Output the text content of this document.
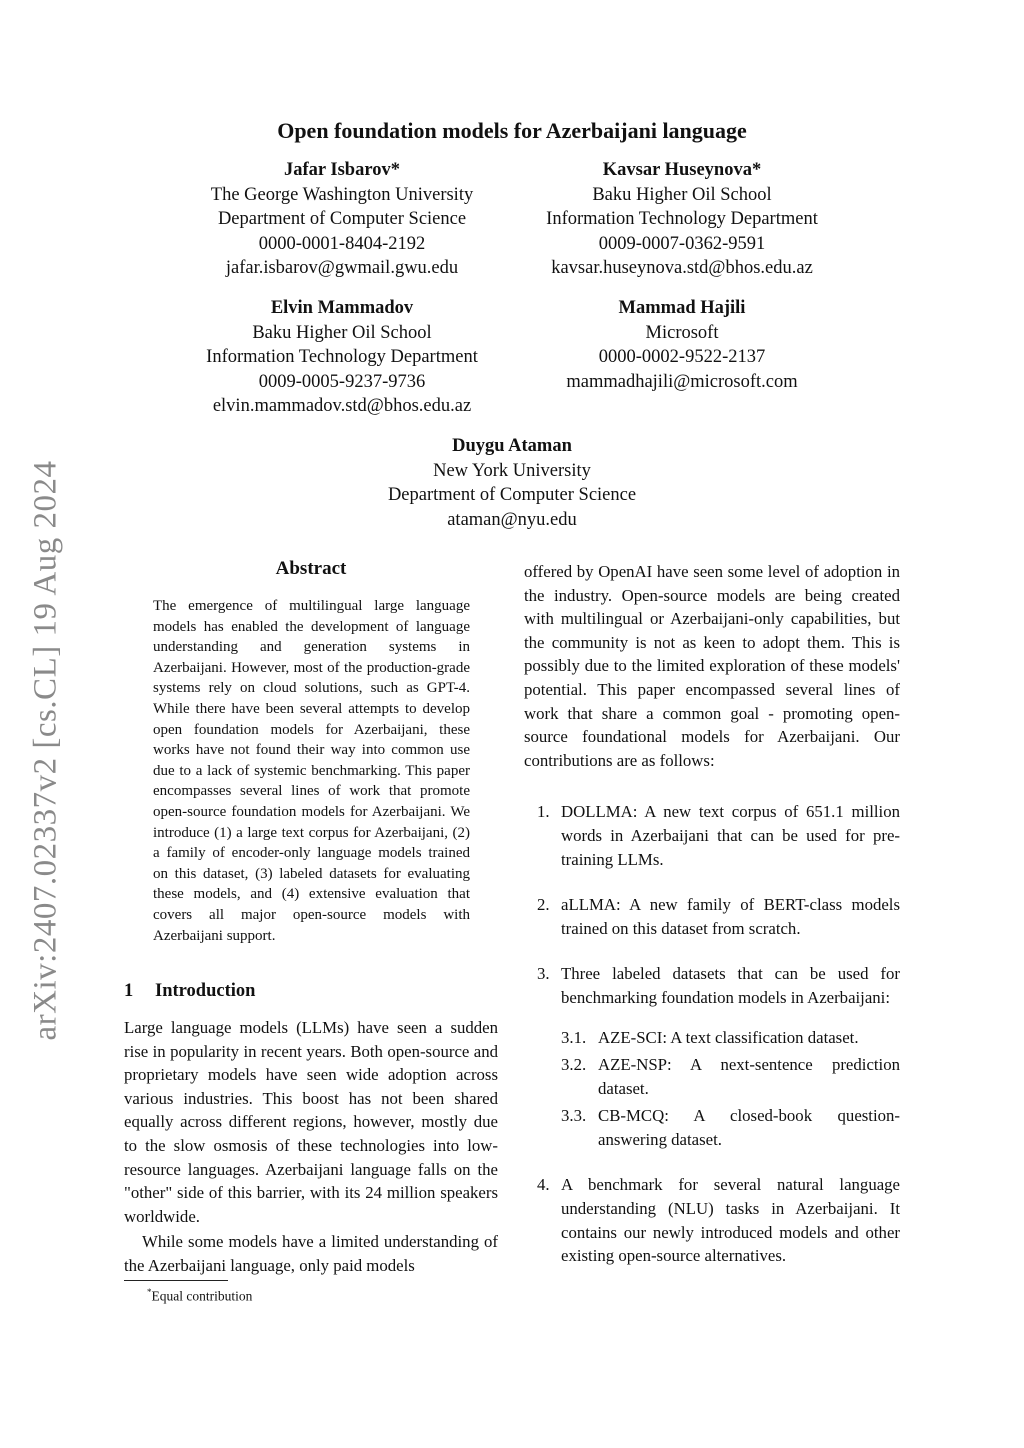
arXiv:2407.02337v2 [cs.CL] 19 Aug 2024
Open foundation models for Azerbaijani language
Jafar Isbarov*
The George Washington University
Department of Computer Science
0000-0001-8404-2192
jafar.isbarov@gwmail.gwu.edu
Kavsar Huseynova*
Baku Higher Oil School
Information Technology Department
0009-0007-0362-9591
kavsar.huseynova.std@bhos.edu.az
Elvin Mammadov
Baku Higher Oil School
Information Technology Department
0009-0005-9237-9736
elvin.mammadov.std@bhos.edu.az
Mammad Hajili
Microsoft
0000-0002-9522-2137
mammadhajili@microsoft.com
Duygu Ataman
New York University
Department of Computer Science
ataman@nyu.edu
Abstract

The emergence of multilingual large language models has enabled the development of language understanding and generation systems in Azerbaijani. However, most of the production-grade systems rely on cloud solutions, such as GPT-4. While there have been several attempts to develop open foundation models for Azerbaijani, these works have not found their way into common use due to a lack of systemic benchmarking. This paper encompasses several lines of work that promote open-source foundation models for Azerbaijani. We introduce (1) a large text corpus for Azerbaijani, (2) a family of encoder-only language models trained on this dataset, (3) labeled datasets for evaluating these models, and (4) extensive evaluation that covers all major open-source models with Azerbaijani support.

1 Introduction

Large language models (LLMs) have seen a sudden rise in popularity in recent years. Both open-source and proprietary models have seen wide adoption across various industries. This boost has not been shared equally across different regions, however, mostly due to the slow osmosis of these technologies into low-resource languages. Azerbaijani language falls on the "other" side of this barrier, with its 24 million speakers worldwide.

While some models have a limited understanding of the Azerbaijani language, only paid models

*Equal contribution

offered by OpenAI have seen some level of adoption in the industry. Open-source models are being created with multilingual or Azerbaijani-only capabilities, but the community is not as keen to adopt them. This is possibly due to the limited exploration of these models' potential. This paper encompassed several lines of work that share a common goal - promoting open-source foundational models for Azerbaijani. Our contributions are as follows:

1. DOLLMA: A new text corpus of 651.1 million words in Azerbaijani that can be used for pre-training LLMs.
2. aLLMA: A new family of BERT-class models trained on this dataset from scratch.
3. Three labeled datasets that can be used for benchmarking foundation models in Azerbaijani:
3.1. AZE-SCI: A text classification dataset.
3.2. AZE-NSP: A next-sentence prediction dataset.
3.3. CB-MCQ: A closed-book question-answering dataset.
4. A benchmark for several natural language understanding (NLU) tasks in Azerbaijani. It contains our newly introduced models and other existing open-source alternatives.
